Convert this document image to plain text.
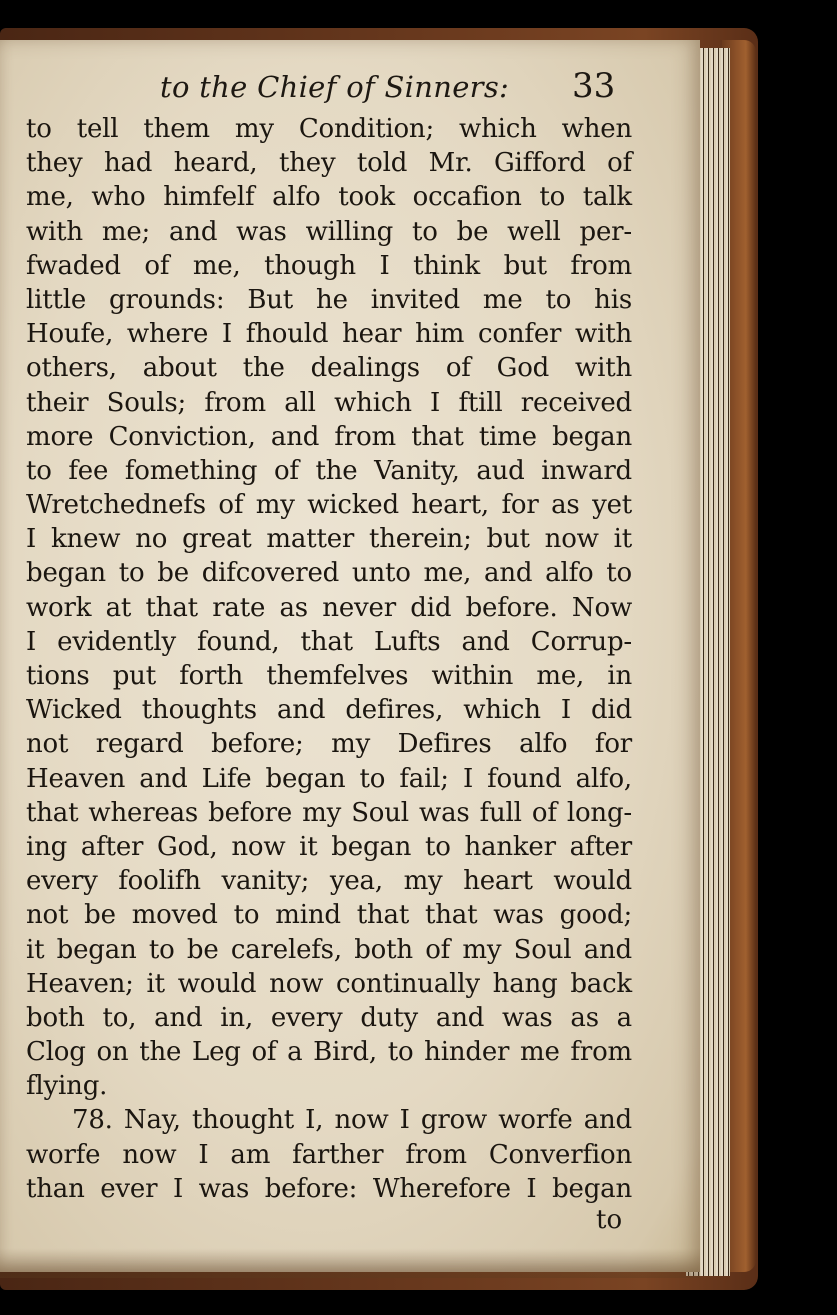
to the Chief of Sinners: 33
to tell them my Condition; which when
they had heard, they told Mr. Gifford of
me, who himfelf alfo took occafion to talk
with me; and was willing to be well per-
fwaded of me, though I think but from
little grounds: But he invited me to his
Houfe, where I fhould hear him confer with
others, about the dealings of God with
their Souls; from all which I ftill received
more Conviction, and from that time began
to fee fomething of the Vanity, aud inward
Wretchednefs of my wicked heart, for as yet
I knew no great matter therein; but now it
began to be difcovered unto me, and alfo to
work at that rate as never did before. Now
I evidently found, that Lufts and Corrup-
tions put forth themfelves within me, in
Wicked thoughts and defires, which I did
not regard before; my Defires alfo for
Heaven and Life began to fail; I found alfo,
that whereas before my Soul was full of long-
ing after God, now it began to hanker after
every foolifh vanity; yea, my heart would
not be moved to mind that that was good;
it began to be carelefs, both of my Soul and
Heaven; it would now continually hang back
both to, and in, every duty and was as a
Clog on the Leg of a Bird, to hinder me from
flying.
78. Nay, thought I, now I grow worfe and
worfe now I am farther from Converfion
than ever I was before: Wherefore I began
to
